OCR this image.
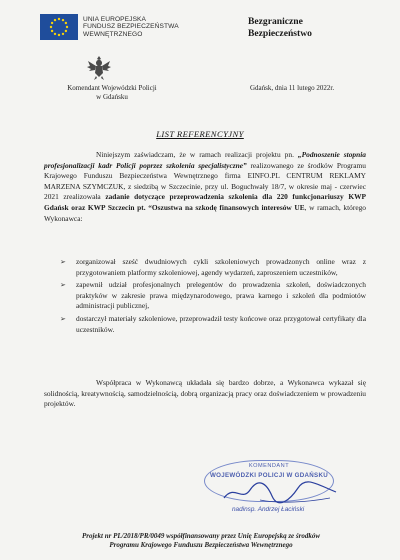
UNIA EUROPEJSKA
FUNDUSZ BEZPIECZEŃSTWA
WEWNĘTRZNEGO
Bezgraniczne
Bezpieczeństwo
Komendant Wojewódzki Policji
w Gdańsku
Gdańsk, dnia 11 lutego 2022r.
LIST REFERENCYJNY

Niniejszym zaświadczam, że w ramach realizacji projektu pn. „Podnoszenie stopnia profesjonalizacji kadr Policji poprzez szkolenia specjalistyczne” realizowanego ze środków Programu Krajowego Funduszu Bezpieczeństwa Wewnętrznego firma EINFO.PL CENTRUM REKLAMY MARZENA SZYMCZUK, z siedzibą w Szczecinie, przy ul. Boguchwały 18/7, w okresie maj - czerwiec 2021 zrealizowała zadanie dotyczące przeprowadzenia szkolenia dla 220 funkcjonariuszy KWP Gdańsk oraz KWP Szczecin pt. “Oszustwa na szkodę finansowych interesów UE, w ramach, którego Wykonawca:

➢ zorganizował sześć dwudniowych cykli szkoleniowych prowadzonych online wraz z przygotowaniem platformy szkoleniowej, agendy wydarzeń, zaproszeniem uczestników,
➢ zapewnił udział profesjonalnych prelegentów do prowadzenia szkoleń, doświadczonych praktyków w zakresie prawa międzynarodowego, prawa karnego i szkoleń dla podmiotów administracji publicznej,
➢ dostarczył materiały szkoleniowe, przeprowadził testy końcowe oraz przygotował certyfikaty dla uczestników.

Współpraca w Wykonawcą układała się bardzo dobrze, a Wykonawca wykazał się solidnością, kreatywnością, samodzielnością, dobrą organizacją pracy oraz doświadczeniem w prowadzeniu projektów.

KOMENDANT
WOJEWÓDZKI POLICJI W GDAŃSKU
nadinsp. Andrzej Łaciński
Projekt nr PL/2018/PR/0049 współfinansowany przez Unię Europejską ze środków
Programu Krajowego Funduszu Bezpieczeństwa Wewnętrznego
